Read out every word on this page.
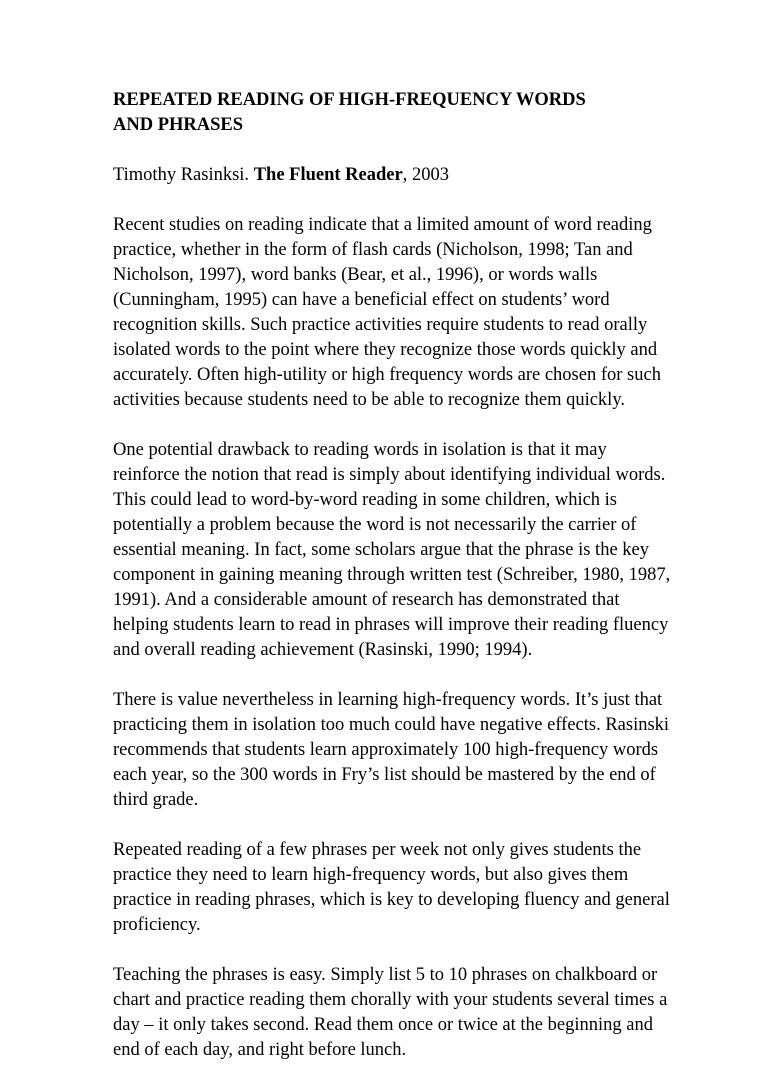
REPEATED READING OF HIGH-FREQUENCY WORDS AND PHRASES
Timothy Rasinksi. The Fluent Reader, 2003

Recent studies on reading indicate that a limited amount of word reading practice, whether in the form of flash cards (Nicholson, 1998; Tan and Nicholson, 1997), word banks (Bear, et al., 1996), or words walls (Cunningham, 1995) can have a beneficial effect on students’ word recognition skills. Such practice activities require students to read orally isolated words to the point where they recognize those words quickly and accurately. Often high-utility or high frequency words are chosen for such activities because students need to be able to recognize them quickly.

One potential drawback to reading words in isolation is that it may reinforce the notion that read is simply about identifying individual words. This could lead to word-by-word reading in some children, which is potentially a problem because the word is not necessarily the carrier of essential meaning. In fact, some scholars argue that the phrase is the key component in gaining meaning through written test (Schreiber, 1980, 1987, 1991). And a considerable amount of research has demonstrated that helping students learn to read in phrases will improve their reading fluency and overall reading achievement (Rasinski, 1990; 1994).

There is value nevertheless in learning high-frequency words. It’s just that practicing them in isolation too much could have negative effects. Rasinski recommends that students learn approximately 100 high-frequency words each year, so the 300 words in Fry’s list should be mastered by the end of third grade.

Repeated reading of a few phrases per week not only gives students the practice they need to learn high-frequency words, but also gives them practice in reading phrases, which is key to developing fluency and general proficiency.

Teaching the phrases is easy. Simply list 5 to 10 phrases on chalkboard or chart and practice reading them chorally with your students several times a day – it only takes second. Read them once or twice at the beginning and end of each day, and right before lunch.
